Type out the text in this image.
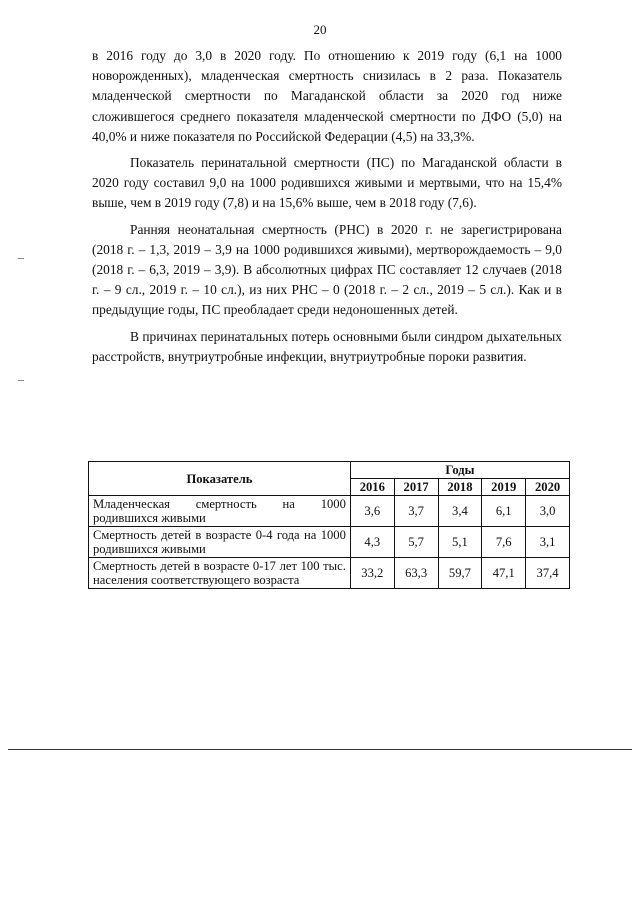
20

в 2016 году до 3,0 в 2020 году. По отношению к 2019 году (6,1 на 1000 новорожденных), младенческая смертность снизилась в 2 раза. Показатель младенческой смертности по Магаданской области за 2020 год ниже сложившегося среднего показателя младенческой смертности по ДФО (5,0) на 40,0% и ниже показателя по Российской Федерации (4,5) на 33,3%.

Показатель перинатальной смертности (ПС) по Магаданской области в 2020 году составил 9,0 на 1000 родившихся живыми и мертвыми, что на 15,4% выше, чем в 2019 году (7,8) и на 15,6% выше, чем в 2018 году (7,6).

Ранняя неонатальная смертность (РНС) в 2020 г. не зарегистрирована (2018 г. – 1,3, 2019 – 3,9 на 1000 родившихся живыми), мертворождаемость – 9,0 (2018 г. – 6,3, 2019 – 3,9). В абсолютных цифрах ПС составляет 12 случаев (2018 г. – 9 сл., 2019 г. – 10 сл.), из них РНС – 0 (2018 г. – 2 сл., 2019 – 5 сл.). Как и в предыдущие годы, ПС преобладает среди недоношенных детей.

В причинах перинатальных потерь основными были синдром дыхательных расстройств, внутриутробные инфекции, внутриутробные пороки развития.

Показатель	Годы				
	2016	2017	2018	2019	2020
Младенческая смертность на 1000 родившихся живыми	3,6	3,7	3,4	6,1	3,0
Смертность детей в возрасте 0-4 года на 1000 родившихся живыми	4,3	5,7	5,1	7,6	3,1
Смертность детей в возрасте 0-17 лет 100 тыс. населения соответствующего возраста	33,2	63,3	59,7	47,1	37,4
